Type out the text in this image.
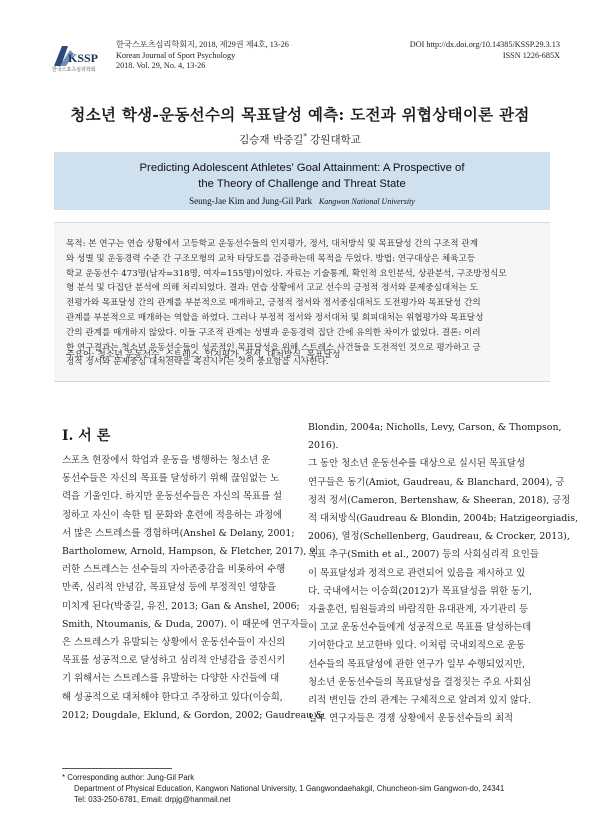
KSSP
한국스포츠심리학회
한국스포츠심리학회지, 2018, 제29권 제4호, 13-26
Korean Journal of Sport Psychology
2018. Vol. 29, No. 4, 13-26
DOI http://dx.doi.org/10.14385/KSSP.29.3.13
ISSN 1226-685X
청소년 학생-운동선수의 목표달성 예측: 도전과 위협상태이론 관점
김승재 박중길* 강원대학교
Predicting Adolescent Athletes' Goal Attainment: A Prospective of
the Theory of Challenge and Threat State
Seung-Jae Kim and Jung-Gil Park Kangwon National University
목적: 본 연구는 연습 상황에서 고등학교 운동선수들의 인지평가, 정서, 대처방식 및 목표달성 간의 구조적 관계
와 성별 및 운동경력 수준 간 구조모형의 교차 타당도를 검증하는데 목적을 두었다. 방법: 연구대상은 체육고등
학교 운동선수 473명(남자=318명, 여자=155명)이었다. 자료는 기술통계, 확인적 요인분석, 상관분석, 구조방정식모
형 분석 및 다집단 분석에 의해 처리되었다. 결과: 연습 상황에서 고교 선수의 긍정적 정서와 문제중심대처는 도
전평가와 목표달성 간의 관계를 부분적으로 매개하고, 긍정적 정서와 정서중심대처도 도전평가와 목표달성 간의
관계를 부분적으로 매개하는 역할을 하였다. 그러나 부정적 정서와 정서대처 및 회피대처는 위협평가와 목표달성
간의 관계를 매개하지 않았다. 이들 구조적 관계는 성별과 운동경력 집단 간에 유의한 차이가 없었다. 결론: 이러
한 연구결과는 청소년 운동선수들이 성공적인 목표달성을 위해 스트레스 사건들을 도전적인 것으로 평가하고 긍
정적 정서와 문제중심 대처전략을 촉진시키는 것이 중요함을 시사한다.
주요어: 청소년 운동선수, 스트레스, 인지평가, 정서, 대처방식, 목표달성
I. 서 론
스포츠 현장에서 학업과 운동을 병행하는 청소년 운
동선수들은 자신의 목표를 달성하기 위해 끊임없는 노
력을 기울인다. 하지만 운동선수들은 자신의 목표를 설
정하고 자신이 속한 팀 문화와 훈련에 적응하는 과정에
서 많은 스트레스를 경험하며(Anshel & Delany, 2001;
Bartholomew, Arnold, Hampson, & Fletcher, 2017), 이
러한 스트레스는 선수들의 자아존중감을 비롯하여 수행
만족, 심리적 안녕감, 목표달성 등에 부정적인 영향을
미치게 된다(박중길, 유진, 2013; Gan & Anshel, 2006;
Smith, Ntoumanis, & Duda, 2007). 이 때문에 연구자들
은 스트레스가 유발되는 상황에서 운동선수들이 자신의
목표를 성공적으로 달성하고 심리적 안녕감을 증진시키
기 위해서는 스트레스를 유발하는 다양한 사건들에 대
해 성공적으로 대처해야 한다고 주장하고 있다(이승희,
2012; Dougdale, Eklund, & Gordon, 2002; Gaudreau &
Blondin, 2004a; Nicholls, Levy, Carson, & Thompson,
2016).
그 동안 청소년 운동선수를 대상으로 실시된 목표달성
연구들은 동기(Amiot, Gaudreau, & Blanchard, 2004), 긍
정적 정서(Cameron, Bertenshaw, & Sheeran, 2018), 긍정
적 대처방식(Gaudreau & Blondin, 2004b; Hatzigeorgiadis,
2006), 열정(Schellenberg, Gaudreau, & Crocker, 2013),
목표 추구(Smith et al., 2007) 등의 사회심리적 요인들
이 목표달성과 정적으로 관련되어 있음을 제시하고 있
다. 국내에서는 이승희(2012)가 목표달성을 위한 동기,
자율훈련, 팀원들과의 바람직한 유대관계, 자기관리 등
이 고교 운동선수들에게 성공적으로 목표를 달성하는데
기여한다고 보고한바 있다. 이처럼 국내외적으로 운동
선수들의 목표달성에 관한 연구가 일부 수행되었지만,
청소년 운동선수들의 목표달성을 결정짓는 주요 사회심
리적 변인들 간의 관계는 구체적으로 알려져 있지 않다.
일부 연구자들은 경쟁 상황에서 운동선수들의 최적
* Corresponding author: Jung-Gil Park
Department of Physical Education, Kangwon National University, 1 Gangwondaehakgil, Chuncheon-sim Gangwon-do, 24341
Tel: 033-250-6781, Email: drpjg@hanmail.net
